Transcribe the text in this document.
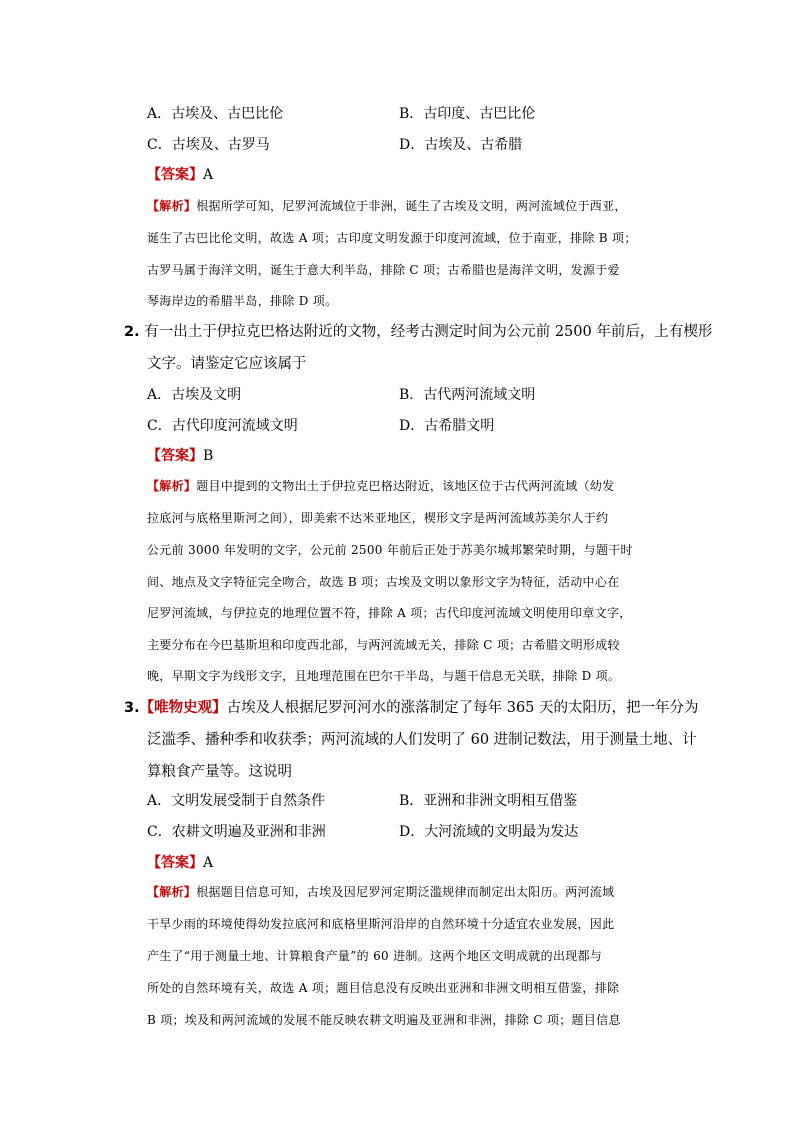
A．古埃及、古巴比伦	B．古印度、古巴比伦
C．古埃及、古罗马	D．古埃及、古希腊
【答案】A
【解析】根据所学可知，尼罗河流域位于非洲，诞生了古埃及文明，两河流域位于西亚，
诞生了古巴比伦文明，故选 A 项；古印度文明发源于印度河流域，位于南亚，排除 B 项；
古罗马属于海洋文明，诞生于意大利半岛，排除 C 项；古希腊也是海洋文明，发源于爱
琴海岸边的希腊半岛，排除 D 项。
2. 有一出土于伊拉克巴格达附近的文物，经考古测定时间为公元前 2500 年前后，上有楔形
文字。请鉴定它应该属于
A．古埃及文明	B．古代两河流域文明
C．古代印度河流域文明	D．古希腊文明
【答案】B
【解析】题目中提到的文物出土于伊拉克巴格达附近，该地区位于古代两河流域（幼发
拉底河与底格里斯河之间），即美索不达米亚地区，楔形文字是两河流域苏美尔人于约
公元前 3000 年发明的文字，公元前 2500 年前后正处于苏美尔城邦繁荣时期，与题干时
间、地点及文字特征完全吻合，故选 B 项；古埃及文明以象形文字为特征，活动中心在
尼罗河流域，与伊拉克的地理位置不符，排除 A 项；古代印度河流域文明使用印章文字，
主要分布在今巴基斯坦和印度西北部，与两河流域无关，排除 C 项；古希腊文明形成较
晚，早期文字为线形文字，且地理范围在巴尔干半岛，与题干信息无关联，排除 D 项。
3.【唯物史观】古埃及人根据尼罗河河水的涨落制定了每年 365 天的太阳历，把一年分为
泛滥季、播种季和收获季；两河流域的人们发明了 60 进制记数法，用于测量土地、计
算粮食产量等。这说明
A．文明发展受制于自然条件	B．亚洲和非洲文明相互借鉴
C．农耕文明遍及亚洲和非洲	D．大河流域的文明最为发达
【答案】A
【解析】根据题目信息可知，古埃及因尼罗河定期泛滥规律而制定出太阳历。两河流域
干旱少雨的环境使得幼发拉底河和底格里斯河沿岸的自然环境十分适宜农业发展，因此
产生了“用于测量土地、计算粮食产量”的 60 进制。这两个地区文明成就的出现都与
所处的自然环境有关，故选 A 项；题目信息没有反映出亚洲和非洲文明相互借鉴，排除
B 项；埃及和两河流域的发展不能反映农耕文明遍及亚洲和非洲，排除 C 项；题目信息
